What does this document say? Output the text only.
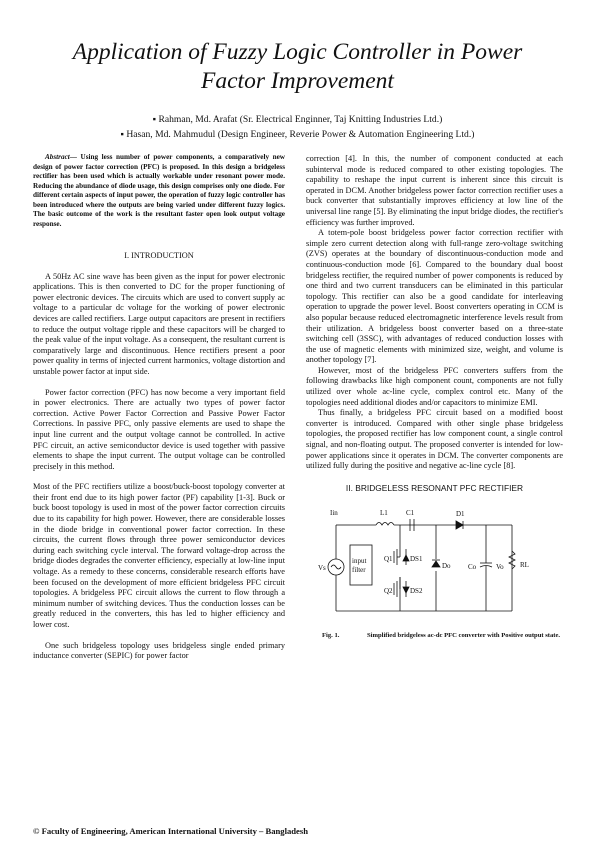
Application of Fuzzy Logic Controller in Power
Factor Improvement
▪ Rahman, Md. Arafat (Sr. Electrical Enginner, Taj Knitting Industries Ltd.)
▪ Hasan, Md. Mahmudul (Design Engineer, Reverie Power & Automation Engineering Ltd.)

Abstract— Using less number of power components, a comparatively new design of power factor correction (PFC) is proposed. In this design a bridgeless rectifier has been used which is actually workable under resonant power mode. Reducing the abundance of diode usage, this design comprises only one diode. For different certain aspects of input power, the operation of fuzzy logic controller has been introduced where the outputs are being varied under different fuzzy logics. The basic outcome of the work is the resultant faster open look output voltage response.

I. INTRODUCTION

A 50Hz AC sine wave has been given as the input for power electronic applications. This is then converted to DC for the proper functioning of power electronic devices. The circuits which are used to convert supply ac voltage to a particular dc voltage for the working of power electronic devices are called rectifiers. Large output capacitors are present in rectifiers to reduce the output voltage ripple and these capacitors will be charged to the peak value of the input voltage. As a consequent, the resultant current is comparatively large and discontinuous. Hence rectifiers present a poor power quality in terms of injected current harmonics, voltage distortion and unstable power factor at input side.

Power factor correction (PFC) has now become a very important field in power electronics. There are actually two types of power factor correction. Active Power Factor Correction and Passive Power Factor Corrections. In passive PFC, only passive elements are used to shape the input line current and the output voltage cannot be controlled. In active PFC circuit, an active semiconductor device is used together with passive elements to shape the input current. The output voltage can be controlled precisely in this method.

Most of the PFC rectifiers utilize a boost/buck-boost topology converter at their front end due to its high power factor (PF) capability [1-3]. Buck or buck boost topology is used in most of the power factor correction circuits due to its capability for high power. However, there are considerable losses in the diode bridge in conventional power factor correction. In these circuits, the current flows through three power semiconductor devices during each switching cycle interval. The forward voltage-drop across the bridge diodes degrades the converter efficiency, especially at low-line input voltage. As a remedy to these concerns, considerable research efforts have been focused on the development of more efficient bridgeless PFC circuit topologies. A bridgeless PFC circuit allows the current to flow through a minimum number of switching devices. Thus the conduction losses can be greatly reduced in the converters, this has led to higher efficiency and lower cost.

One such bridgeless topology uses bridgeless single ended primary inductance converter (SEPIC) for power factor

correction [4]. In this, the number of component conducted at each subinterval mode is reduced compared to other existing topologies. The capability to reshape the input current is inherent since this circuit is operated in DCM. Another bridgeless power factor correction rectifier uses a buck converter that substantially improves efficiency at low line of the universal line range [5]. By eliminating the input bridge diodes, the rectifier's efficiency was further improved.

A totem-pole boost bridgeless power factor correction rectifier with simple zero current detection along with full-range zero-voltage switching (ZVS) operates at the boundary of discontinuous-conduction mode and continuous-conduction mode [6]. Compared to the boundary dual boost bridgeless rectifier, the required number of power components is reduced by one third and two current transducers can be eliminated in this particular topology. This rectifier can also be a good candidate for interleaving operation to upgrade the power level. Boost converters operating in CCM is also popular because reduced electromagnetic interference levels result from their utilization. A bridgeless boost converter based on a three-state switching cell (3SSC), with advantages of reduced conduction losses with the use of magnetic elements with minimized size, weight, and volume is another topology [7].

However, most of the bridgeless PFC converters suffers from the following drawbacks like high component count, components are not fully utilized over whole ac-line cycle, complex control etc. Many of the topologies need additional diodes and/or capacitors to minimize EMI.

Thus finally, a bridgeless PFC circuit based on a modified boost converter is introduced. Compared with other single phase bridgeless topologies, the proposed rectifier has low component count, a single control signal, and non-floating output. The proposed converter is intended for low-power applications since it operates in DCM. The converter components are utilized fully during the positive and negative ac-line cycle [8].

II. BRIDGELESS RESONANT PFC RECTIFIER
Iin	L1	C1	D1
Vs
input
filter
Q1 DS1
Q2 DS2
Do Co	Vo RL
Fig. 1.	Simplified bridgeless ac-dc PFC converter with Positive output state.
© Faculty of Engineering, American International University – Bangladesh
